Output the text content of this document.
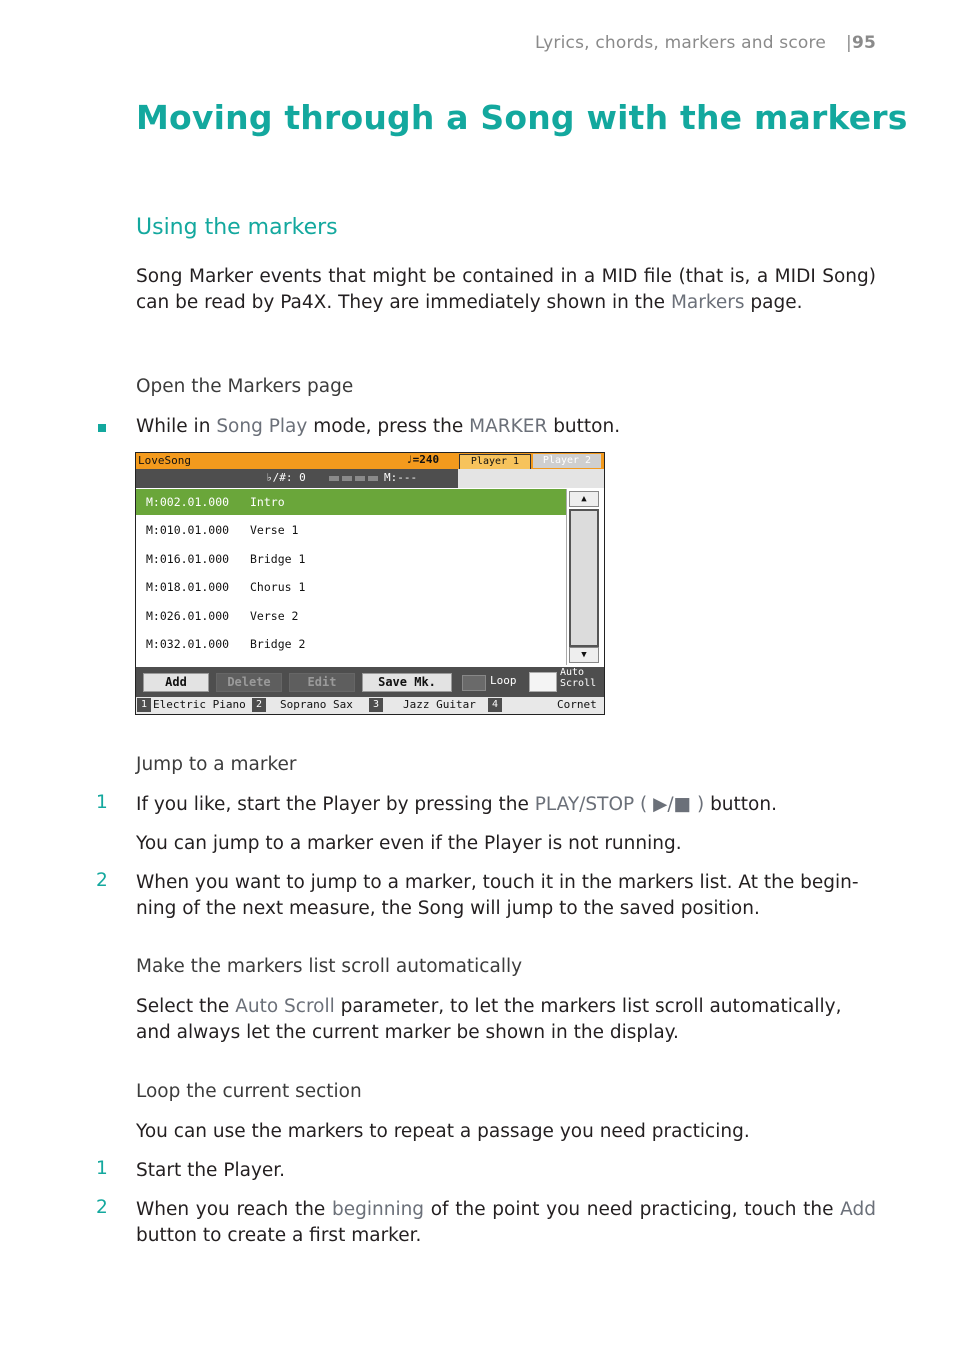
Lyrics, chords, markers and score |95
Moving through a Song with the markers
Using the markers
Song Marker events that might be contained in a MID file (that is, a MIDI Song) can be read by Pa4X. They are immediately shown in the Markers page.
Open the Markers page
While in Song Play mode, press the MARKER button.
LoveSong	♩=240	Player 1	Player 2
♭/#: 0	M:---
M:002.01.000 Intro
M:010.01.000 Verse 1
M:016.01.000 Bridge 1
M:018.01.000 Chorus 1
M:026.01.000 Verse 2
M:032.01.000 Bridge 2
▲
▼
Add	Delete	Edit	Save Mk.	Loop
Auto
Scroll
1 Electric Piano	2	Soprano Sax	3	Jazz Guitar	4	Cornet
Jump to a marker
1 If you like, start the Player by pressing the PLAY/STOP ( ▶/■ ) button.
You can jump to a marker even if the Player is not running.
2 When you want to jump to a marker, touch it in the markers list. At the begin-
ning of the next measure, the Song will jump to the saved position.
Make the markers list scroll automatically
Select the Auto Scroll parameter, to let the markers list scroll automatically,
and always let the current marker be shown in the display.
Loop the current section
You can use the markers to repeat a passage you need practicing.
1 Start the Player.
2 When you reach the beginning of the point you need practicing, touch the Add button to create a first marker.
